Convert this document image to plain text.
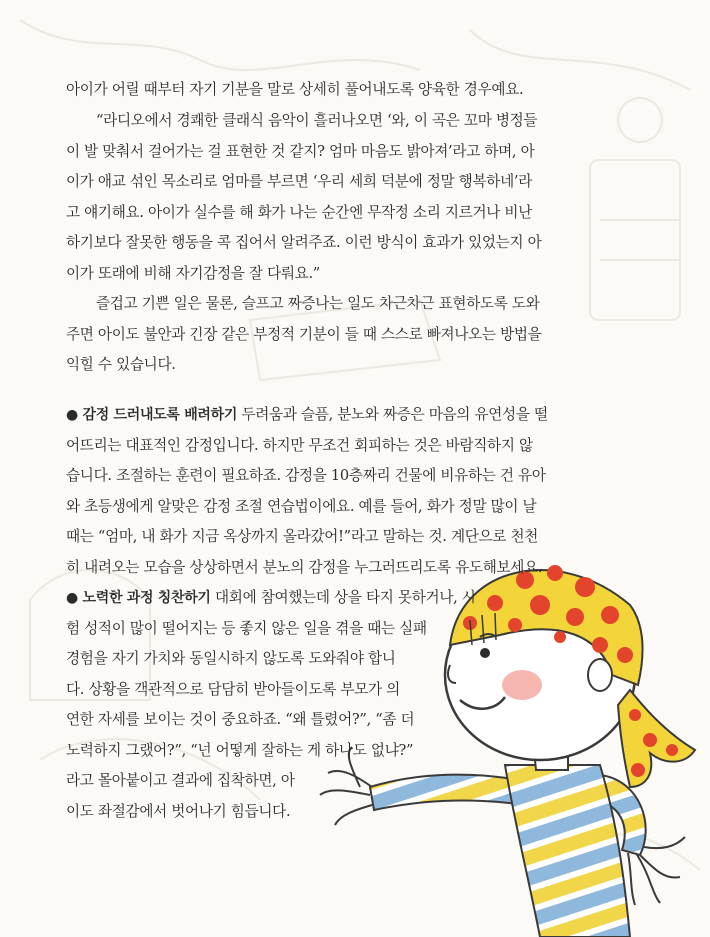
아이가 어릴 때부터 자기 기분을 말로 상세히 풀어내도록 양육한 경우예요.

“라디오에서 경쾌한 클래식 음악이 흘러나오면 ‘와, 이 곡은 꼬마 병정들

이 발 맞춰서 걸어가는 걸 표현한 것 같지? 엄마 마음도 밝아져’라고 하며, 아

이가 애교 섞인 목소리로 엄마를 부르면 ‘우리 세희 덕분에 정말 행복하네’라

고 얘기해요. 아이가 실수를 해 화가 나는 순간엔 무작정 소리 지르거나 비난

하기보다 잘못한 행동을 콕 집어서 알려주죠. 이런 방식이 효과가 있었는지 아

이가 또래에 비해 자기감정을 잘 다뤄요.”

즐겁고 기쁜 일은 물론, 슬프고 짜증나는 일도 차근차근 표현하도록 도와

주면 아이도 불안과 긴장 같은 부정적 기분이 들 때 스스로 빠져나오는 방법을

익힐 수 있습니다.

● 감정 드러내도록 배려하기 두려움과 슬픔, 분노와 짜증은 마음의 유연성을 떨

어뜨리는 대표적인 감정입니다. 하지만 무조건 회피하는 것은 바람직하지 않

습니다. 조절하는 훈련이 필요하죠. 감정을 10층짜리 건물에 비유하는 건 유아

와 초등생에게 알맞은 감정 조절 연습법이에요. 예를 들어, 화가 정말 많이 날

때는 “엄마, 내 화가 지금 옥상까지 올라갔어!”라고 말하는 것. 계단으로 천천

히 내려오는 모습을 상상하면서 분노의 감정을 누그러뜨리도록 유도해보세요.

● 노력한 과정 칭찬하기 대회에 참여했는데 상을 타지 못하거나, 시

험 성적이 많이 떨어지는 등 좋지 않은 일을 겪을 때는 실패

경험을 자기 가치와 동일시하지 않도록 도와줘야 합니

다. 상황을 객관적으로 담담히 받아들이도록 부모가 의

연한 자세를 보이는 것이 중요하죠. “왜 틀렸어?”, “좀 더

노력하지 그랬어?”, “넌 어떻게 잘하는 게 하나도 없냐?”

라고 몰아붙이고 결과에 집착하면, 아

이도 좌절감에서 벗어나기 힘듭니다.
